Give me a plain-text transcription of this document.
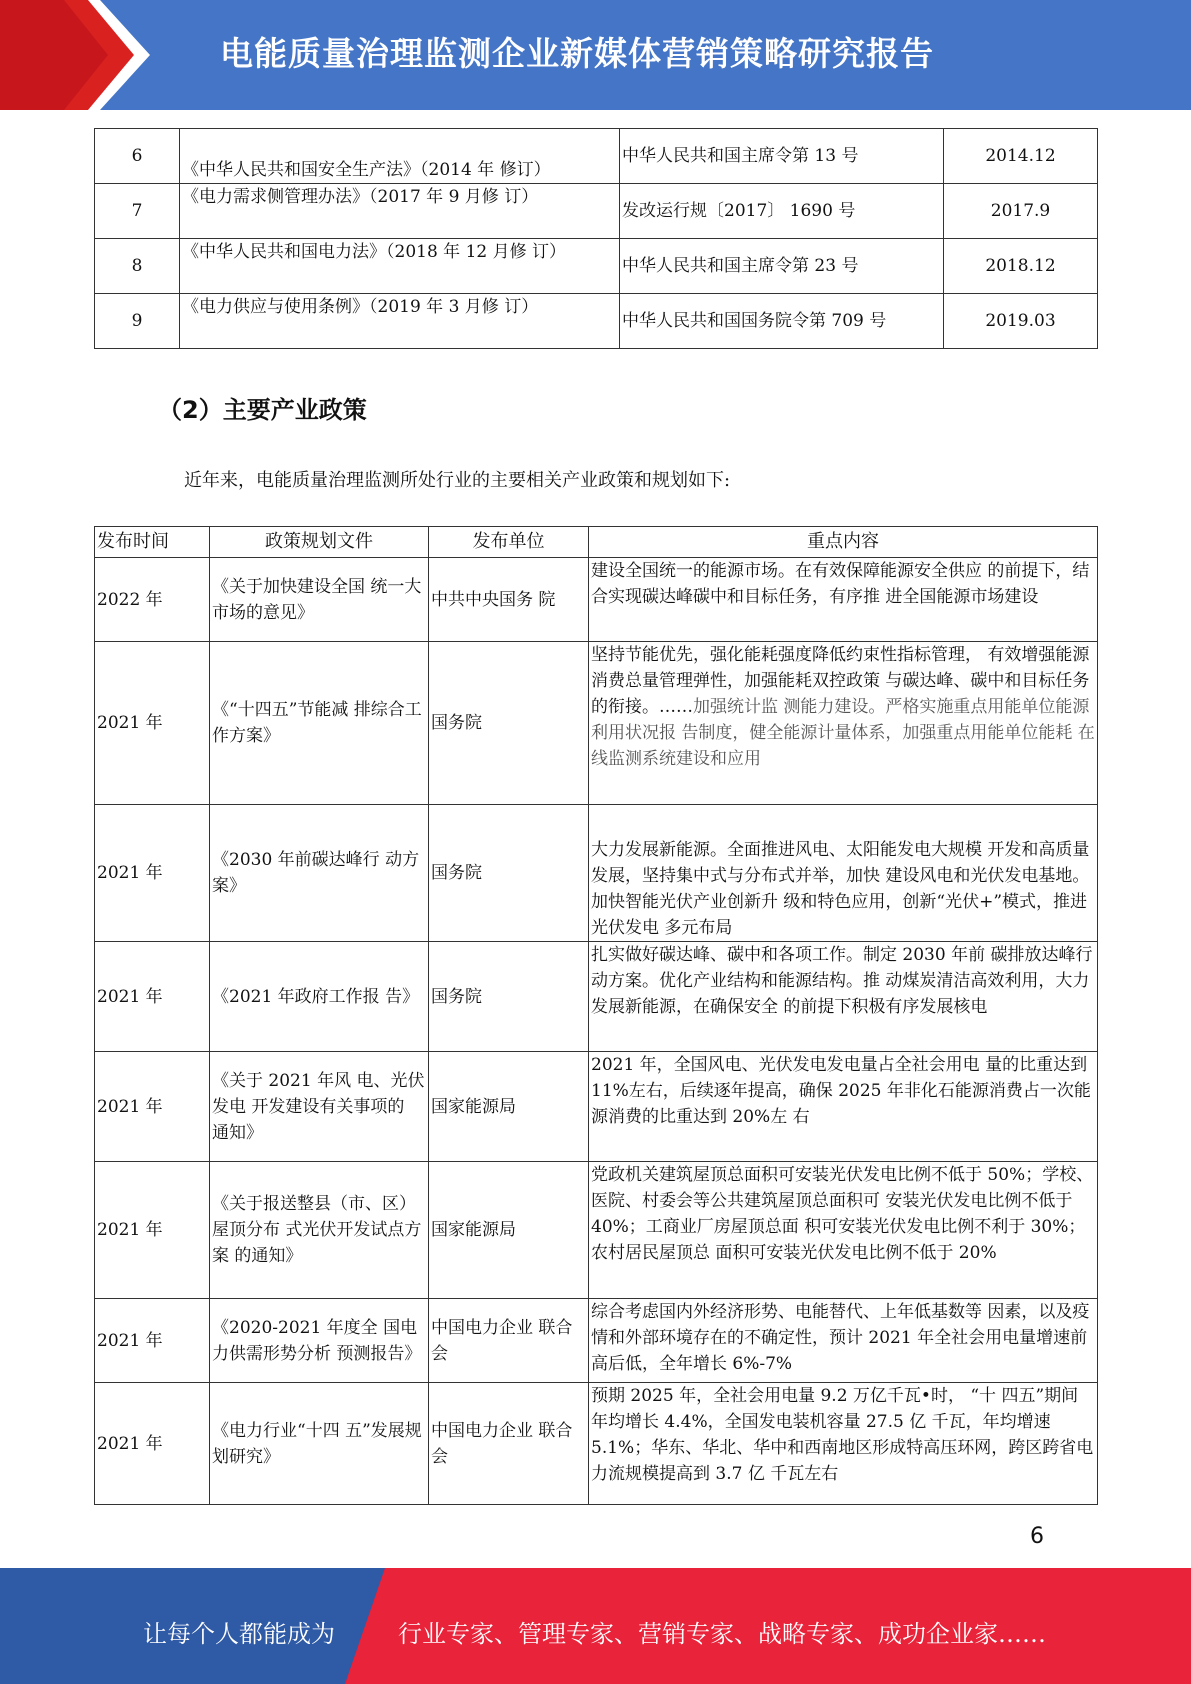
电能质量治理监测企业新媒体营销策略研究报告
6	《中华人民共和国安全生产法》（2014 年 修订）	中华人民共和国主席令第 13 号	2014.12
7	《电力需求侧管理办法》（2017 年 9 月修 订）	发改运行规〔2017〕 1690 号	2017.9
8	《中华人民共和国电力法》（2018 年 12 月修 订）	中华人民共和国主席令第 23 号	2018.12
9	《电力供应与使用条例》（2019 年 3 月修 订）	中华人民共和国国务院令第 709 号	2019.03
（2）主要产业政策
近年来，电能质量治理监测所处行业的主要相关产业政策和规划如下:
发布时间	政策规划文件	发布单位	重点内容
2022 年	《关于加快建设全国 统一大市场的意见》	中共中央国务 院	建设全国统一的能源市场。在有效保障能源安全供应 的前提下，结合实现碳达峰碳中和目标任务，有序推 进全国能源市场建设
2021 年	《“十四五”节能减 排综合工作方案》	国务院	坚持节能优先，强化能耗强度降低约束性指标管理， 有效增强能源消费总量管理弹性，加强能耗双控政策 与碳达峰、碳中和目标任务的衔接。……加强统计监 测能力建设。严格实施重点用能单位能源利用状况报 告制度，健全能源计量体系，加强重点用能单位能耗 在线监测系统建设和应用
2021 年	《2030 年前碳达峰行 动方案》	国务院	大力发展新能源。全面推进风电、太阳能发电大规模 开发和高质量发展，坚持集中式与分布式并举，加快 建设风电和光伏发电基地。加快智能光伏产业创新升 级和特色应用，创新“光伏+”模式，推进光伏发电 多元布局
2021 年	《2021 年政府工作报 告》	国务院	扎实做好碳达峰、碳中和各项工作。制定 2030 年前 碳排放达峰行动方案。优化产业结构和能源结构。推 动煤炭清洁高效利用，大力发展新能源，在确保安全 的前提下积极有序发展核电
2021 年	《关于 2021 年风 电、光伏发电 开发建设有关事项的 通知》	国家能源局	2021 年，全国风电、光伏发电发电量占全社会用电 量的比重达到 11%左右，后续逐年提高，确保 2025 年非化石能源消费占一次能源消费的比重达到 20%左 右
2021 年	《关于报送整县（市、区）屋顶分布 式光伏开发试点方案 的通知》	国家能源局	党政机关建筑屋顶总面积可安装光伏发电比例不低于 50%；学校、医院、村委会等公共建筑屋顶总面积可 安装光伏发电比例不低于 40%；工商业厂房屋顶总面 积可安装光伏发电比例不利于 30%；农村居民屋顶总 面积可安装光伏发电比例不低于 20%
2021 年	《2020-2021 年度全 国电力供需形势分析 预测报告》	中国电力企业 联合会	综合考虑国内外经济形势、电能替代、上年低基数等 因素，以及疫情和外部环境存在的不确定性，预计 2021 年全社会用电量增速前高后低，全年增长 6%-7%
2021 年	《电力行业“十四 五”发展规划研究》	中国电力企业 联合会	预期 2025 年，全社会用电量 9.2 万亿千瓦•时， “十 四五”期间年均增长 4.4%，全国发电装机容量 27.5 亿 千瓦，年均增速 5.1%；华东、华北、华中和西南地区形成特高压环网，跨区跨省电力流规模提高到 3.7 亿 千瓦左右
6
让每个人都能成为	行业专家、管理专家、营销专家、战略专家、成功企业家……
